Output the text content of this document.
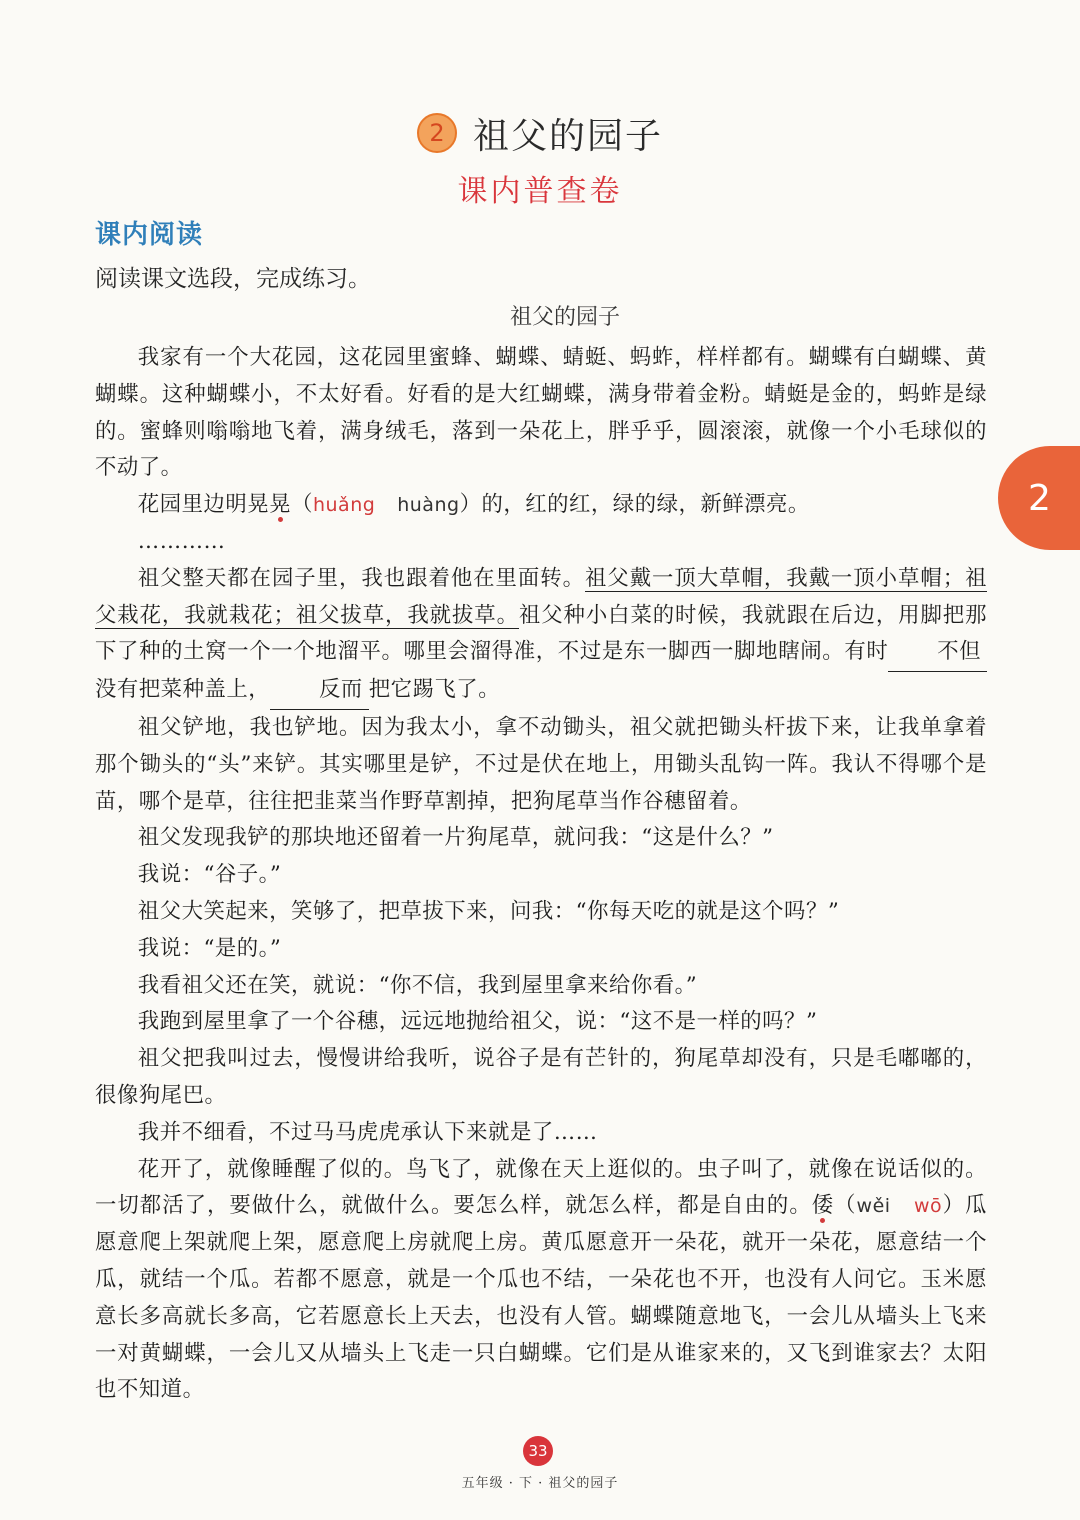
2 祖父的园子
课内普查卷
课内阅读
阅读课文选段，完成练习。
祖父的园子

我家有一个大花园，这花园里蜜蜂、蝴蝶、蜻蜓、蚂蚱，样样都有。蝴蝶有白蝴蝶、黄蝴蝶。这种蝴蝶小，不太好看。好看的是大红蝴蝶，满身带着金粉。蜻蜓是金的，蚂蚱是绿的。蜜蜂则嗡嗡地飞着，满身绒毛，落到一朵花上，胖乎乎，圆滚滚，就像一个小毛球似的不动了。

花园里边明晃晃（huǎng huàng）的，红的红，绿的绿，新鲜漂亮。

…………

祖父整天都在园子里，我也跟着他在里面转。祖父戴一顶大草帽，我戴一顶小草帽；祖父栽花，我就栽花；祖父拔草，我就拔草。祖父种小白菜的时候，我就跟在后边，用脚把那下了种的土窝一个一个地溜平。哪里会溜得准，不过是东一脚西一脚地瞎闹。有时 不但没有把菜种盖上， 反而 把它踢飞了。

祖父铲地，我也铲地。因为我太小，拿不动锄头，祖父就把锄头杆拔下来，让我单拿着那个锄头的“头”来铲。其实哪里是铲，不过是伏在地上，用锄头乱钩一阵。我认不得哪个是苗，哪个是草，往往把韭菜当作野草割掉，把狗尾草当作谷穗留着。

祖父发现我铲的那块地还留着一片狗尾草，就问我：“这是什么？”

我说：“谷子。”

祖父大笑起来，笑够了，把草拔下来，问我：“你每天吃的就是这个吗？”

我说：“是的。”

我看祖父还在笑，就说：“你不信，我到屋里拿来给你看。”

我跑到屋里拿了一个谷穗，远远地抛给祖父，说：“这不是一样的吗？”

祖父把我叫过去，慢慢讲给我听，说谷子是有芒针的，狗尾草却没有，只是毛嘟嘟的，很像狗尾巴。

我并不细看，不过马马虎虎承认下来就是了……

花开了，就像睡醒了似的。鸟飞了，就像在天上逛似的。虫子叫了，就像在说话似的。一切都活了，要做什么，就做什么。要怎么样，就怎么样，都是自由的。倭（wěi wō）瓜愿意爬上架就爬上架，愿意爬上房就爬上房。黄瓜愿意开一朵花，就开一朵花，愿意结一个瓜，就结一个瓜。若都不愿意，就是一个瓜也不结，一朵花也不开，也没有人问它。玉米愿意长多高就长多高，它若愿意长上天去，也没有人管。蝴蝶随意地飞，一会儿从墙头上飞来一对黄蝴蝶，一会儿又从墙头上飞走一只白蝴蝶。它们是从谁家来的，又飞到谁家去？太阳也不知道。

2
33
五年级 · 下 · 祖父的园子
